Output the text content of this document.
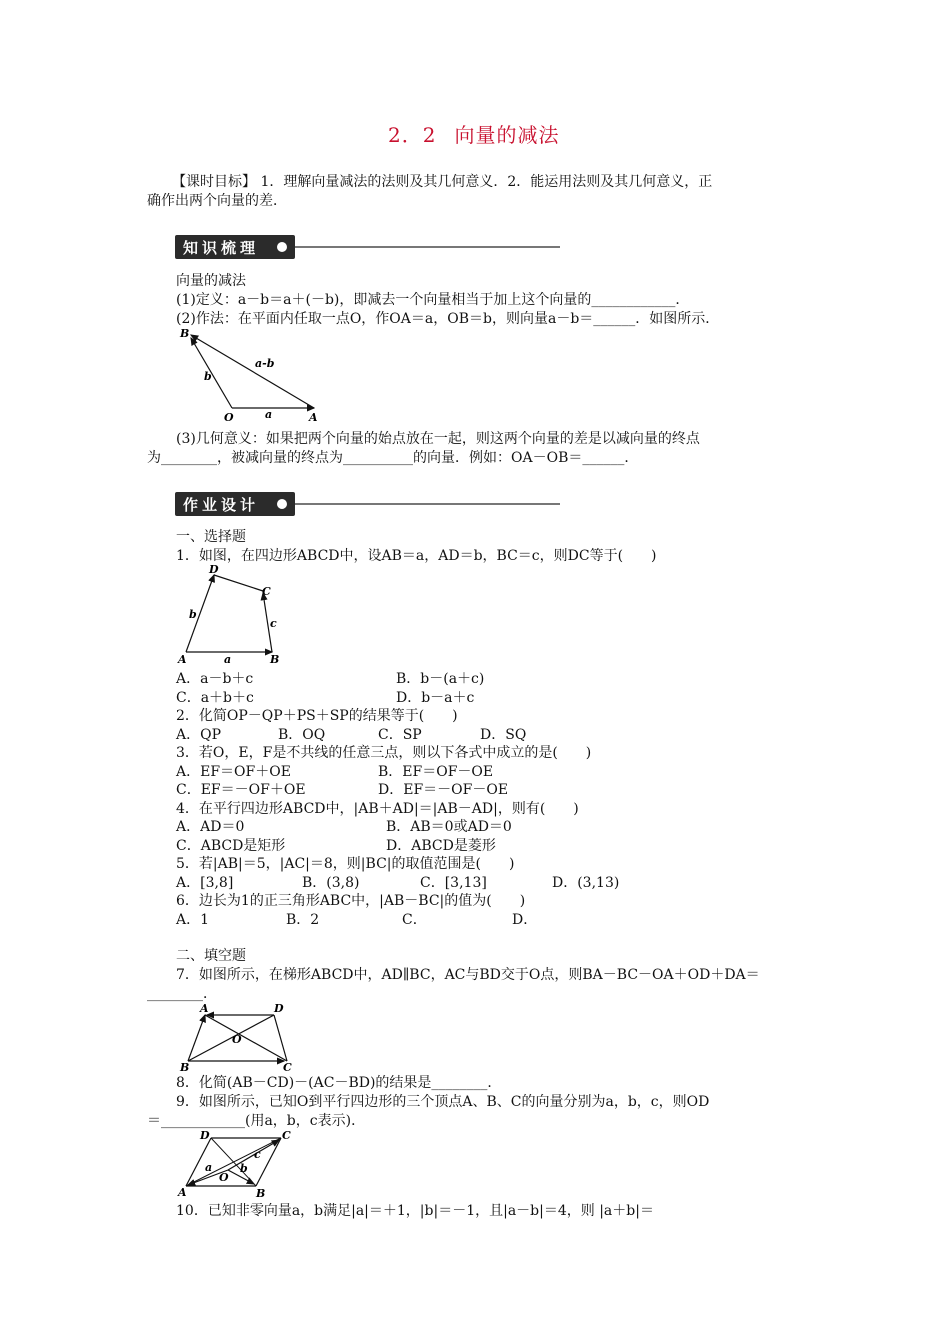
2．2 向量的减法
【课时目标】 1．理解向量减法的法则及其几何意义．2．能运用法则及其几何意义，正
确作出两个向量的差．
知识梳理
向量的减法
(1)定义：a－b＝a＋(－b)，即减去一个向量相当于加上这个向量的____________．
(2)作法：在平面内任取一点O，作OA＝a，OB＝b，则向量a－b＝______．如图所示．
B
O	A
a
b
a-b
(3)几何意义：如果把两个向量的始点放在一起，则这两个向量的差是以减向量的终点
为________，被减向量的终点为__________的向量．例如：OA－OB＝______．
作业设计
一、选择题
1．如图，在四边形ABCD中，设AB＝a，AD＝b，BC＝c，则DC等于(　　)
A	B
C
D
a
b
c
A．a－b＋c	B．b－(a＋c)
C．a＋b＋c	D．b－a＋c
2．化简OP－QP＋PS＋SP的结果等于(　　)
A．QP	B．OQ	C．SP	D．SQ
3．若O，E，F是不共线的任意三点，则以下各式中成立的是(　　)
A．EF＝OF＋OE	B．EF＝OF－OE
C．EF＝－OF＋OE	D．EF＝－OF－OE
4．在平行四边形ABCD中，|AB＋AD|＝|AB－AD|，则有(　　)
A．AD＝0	B．AB＝0或AD＝0
C．ABCD是矩形	D．ABCD是菱形
5．若|AB|＝5，|AC|＝8，则|BC|的取值范围是(　　)
A．[3,8]	B．(3,8)	C．[3,13]	D．(3,13)
6．边长为1的正三角形ABC中，|AB－BC|的值为(　　)
A．1	B．2	C．	D．
二、填空题
7．如图所示，在梯形ABCD中，AD∥BC，AC与BD交于O点，则BA－BC－OA＋OD＋DA＝
________．
A	D
B	C
O
8．化简(AB－CD)－(AC－BD)的结果是________．
9．如图所示，已知O到平行四边形的三个顶点A、B、C的向量分别为a，b，c，则OD
＝____________(用a，b，c表示)．
D	C
A	B
O
a	b
c
10．已知非零向量a，b满足|a|＝＋1，|b|＝－1，且|a－b|＝4，则 |a＋b|＝
